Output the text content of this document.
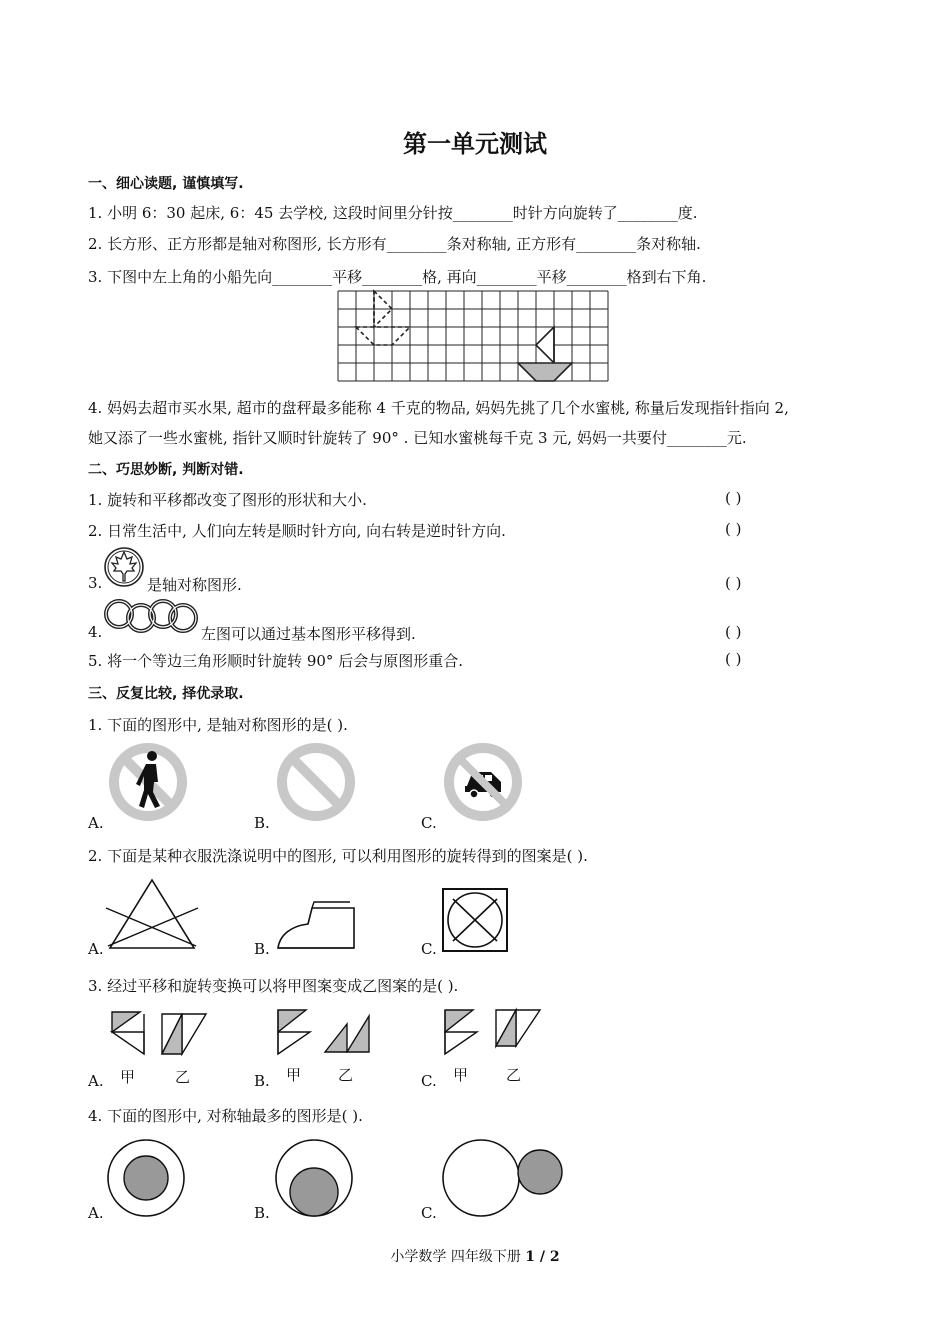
第一单元测试
一、细心读题, 谨慎填写.
1. 小明 6：30 起床, 6：45 去学校, 这段时间里分针按________时针方向旋转了________度.
2. 长方形、正方形都是轴对称图形, 长方形有________条对称轴, 正方形有________条对称轴.
3. 下图中左上角的小船先向________平移________格, 再向________平移________格到右下角.
4. 妈妈去超市买水果, 超市的盘秤最多能称 4 千克的物品, 妈妈先挑了几个水蜜桃, 称量后发现指针指向 2,
她又添了一些水蜜桃, 指针又顺时针旋转了 90° . 已知水蜜桃每千克 3 元, 妈妈一共要付________元.
二、巧思妙断, 判断对错.
1. 旋转和平移都改变了图形的形状和大小.	( )
2. 日常生活中, 人们向左转是顺时针方向, 向右转是逆时针方向.	( )
3.	是轴对称图形.	( )
4.	左图可以通过基本图形平移得到.	( )
5. 将一个等边三角形顺时针旋转 90° 后会与原图形重合.	( )
三、反复比较, 择优录取.
1. 下面的图形中, 是轴对称图形的是( ).
A.	B.	C.
2. 下面是某种衣服洗涤说明中的图形, 可以利用图形的旋转得到的图案是( ).
A.	B.	C.
3. 经过平移和旋转变换可以将甲图案变成乙图案的是( ).
A. 甲	乙	B. 甲 乙	C. 甲	乙
4. 下面的图形中, 对称轴最多的图形是( ).
A.	B.	C.
小学数学 四年级下册 1 / 2
